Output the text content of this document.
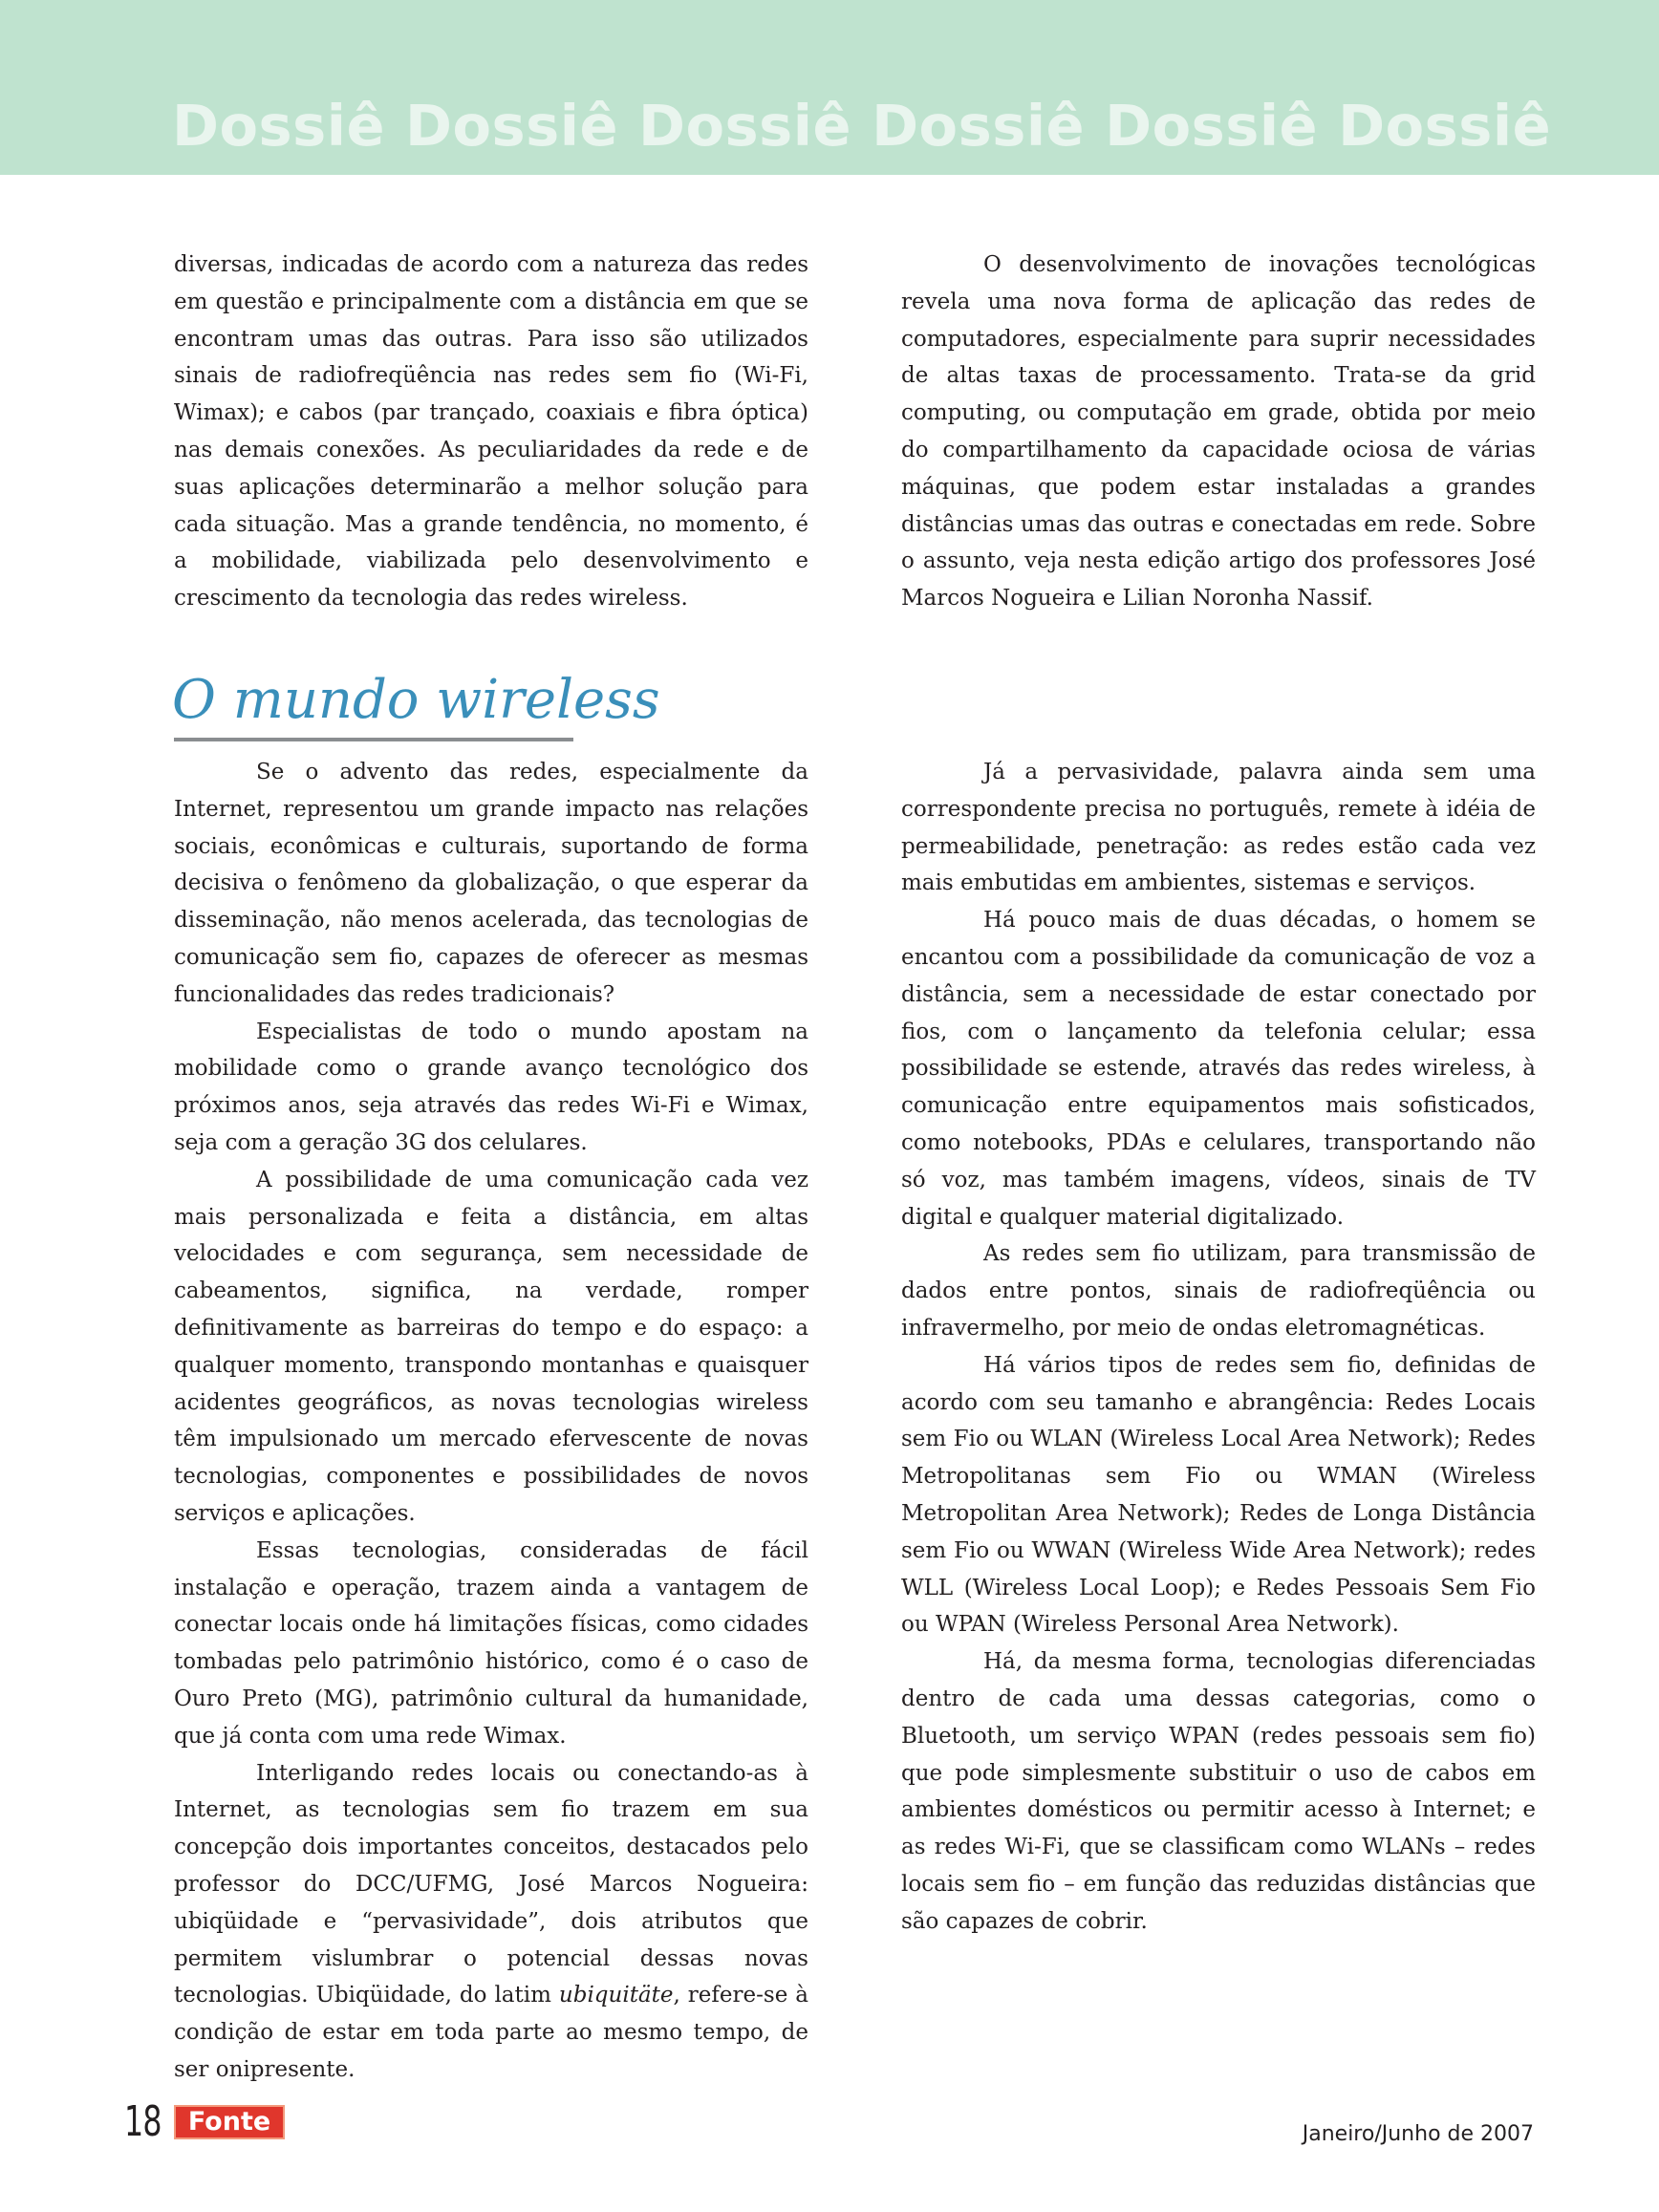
Dossiê Dossiê Dossiê Dossiê Dossiê Dossiê

diversas, indicadas de acordo com a natureza das redes em questão e principalmente com a distância em que se encontram umas das outras. Para isso são utilizados sinais de radiofreqüência nas redes sem fio (Wi-Fi, Wimax); e cabos (par trançado, coaxiais e fibra óptica) nas demais conexões. As peculiaridades da rede e de suas aplicações determinarão a melhor solução para cada situação. Mas a grande tendência, no momento, é a mobilidade, viabilizada pelo desenvolvimento e crescimento da tecnologia das redes wireless.

O desenvolvimento de inovações tecnológicas revela uma nova forma de aplicação das redes de computadores, especialmente para suprir necessidades de altas taxas de processamento. Trata-se da grid computing, ou computação em grade, obtida por meio do compartilhamento da capacidade ociosa de várias máquinas, que podem estar instaladas a grandes distâncias umas das outras e conectadas em rede. Sobre o assunto, veja nesta edição artigo dos professores José Marcos Nogueira e Lilian Noronha Nassif.

O mundo wireless

Se o advento das redes, especialmente da Internet, representou um grande impacto nas relações sociais, econômicas e culturais, suportando de forma decisiva o fenômeno da globalização, o que esperar da disseminação, não menos acelerada, das tecnologias de comunicação sem fio, capazes de oferecer as mesmas funcionalidades das redes tradicionais?

Especialistas de todo o mundo apostam na mobilidade como o grande avanço tecnológico dos próximos anos, seja através das redes Wi-Fi e Wimax, seja com a geração 3G dos celulares.

A possibilidade de uma comunicação cada vez mais personalizada e feita a distância, em altas velocidades e com segurança, sem necessidade de cabeamentos, significa, na verdade, romper definitivamente as barreiras do tempo e do espaço: a qualquer momento, transpondo montanhas e quaisquer acidentes geográficos, as novas tecnologias wireless têm impulsionado um mercado efervescente de novas tecnologias, componentes e possibilidades de novos serviços e aplicações.

Essas tecnologias, consideradas de fácil instalação e operação, trazem ainda a vantagem de conectar locais onde há limitações físicas, como cidades tombadas pelo patrimônio histórico, como é o caso de Ouro Preto (MG), patrimônio cultural da humanidade, que já conta com uma rede Wimax.

Interligando redes locais ou conectando-as à Internet, as tecnologias sem fio trazem em sua concepção dois importantes conceitos, destacados pelo professor do DCC/UFMG, José Marcos Nogueira: ubiqüidade e “pervasividade”, dois atributos que permitem vislumbrar o potencial dessas novas tecnologias. Ubiqüidade, do latim ubiquitäte, refere-se à condição de estar em toda parte ao mesmo tempo, de ser onipresente.

Já a pervasividade, palavra ainda sem uma correspondente precisa no português, remete à idéia de permeabilidade, penetração: as redes estão cada vez mais embutidas em ambientes, sistemas e serviços.

Há pouco mais de duas décadas, o homem se encantou com a possibilidade da comunicação de voz a distância, sem a necessidade de estar conectado por fios, com o lançamento da telefonia celular; essa possibilidade se estende, através das redes wireless, à comunicação entre equipamentos mais sofisticados, como notebooks, PDAs e celulares, transportando não só voz, mas também imagens, vídeos, sinais de TV digital e qualquer material digitalizado.

As redes sem fio utilizam, para transmissão de dados entre pontos, sinais de radiofreqüência ou infravermelho, por meio de ondas eletromagnéticas.

Há vários tipos de redes sem fio, definidas de acordo com seu tamanho e abrangência: Redes Locais sem Fio ou WLAN (Wireless Local Area Network); Redes Metropolitanas sem Fio ou WMAN (Wireless Metropolitan Area Network); Redes de Longa Distância sem Fio ou WWAN (Wireless Wide Area Network); redes WLL (Wireless Local Loop); e Redes Pessoais Sem Fio ou WPAN (Wireless Personal Area Network).

Há, da mesma forma, tecnologias diferenciadas dentro de cada uma dessas categorias, como o Bluetooth, um serviço WPAN (redes pessoais sem fio) que pode simplesmente substituir o uso de cabos em ambientes domésticos ou permitir acesso à Internet; e as redes Wi-Fi, que se classificam como WLANs – redes locais sem fio – em função das reduzidas distâncias que são capazes de cobrir.

18	Fonte	Janeiro/Junho de 2007
